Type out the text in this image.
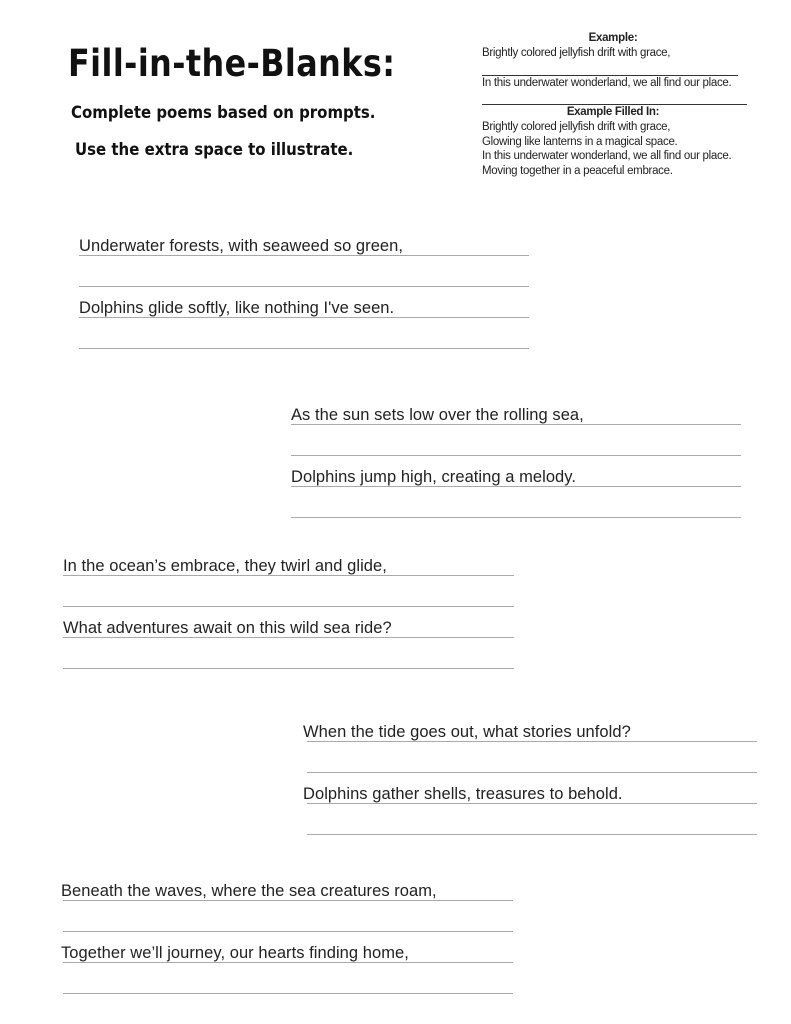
Fill-in-the-Blanks:

Complete poems based on prompts.

Use the extra space to illustrate.

Example:
Brightly colored jellyfish drift with grace,
In this underwater wonderland, we all find our place.
Example Filled In:
Brightly colored jellyfish drift with grace,
Glowing like lanterns in a magical space.
In this underwater wonderland, we all find our place.
Moving together in a peaceful embrace.
Underwater forests, with seaweed so green,
Dolphins glide softly, like nothing I've seen.
As the sun sets low over the rolling sea,
Dolphins jump high, creating a melody.
In the ocean’s embrace, they twirl and glide,
What adventures await on this wild sea ride?
When the tide goes out, what stories unfold?
Dolphins gather shells, treasures to behold.
Beneath the waves, where the sea creatures roam,
Together we’ll journey, our hearts finding home,
